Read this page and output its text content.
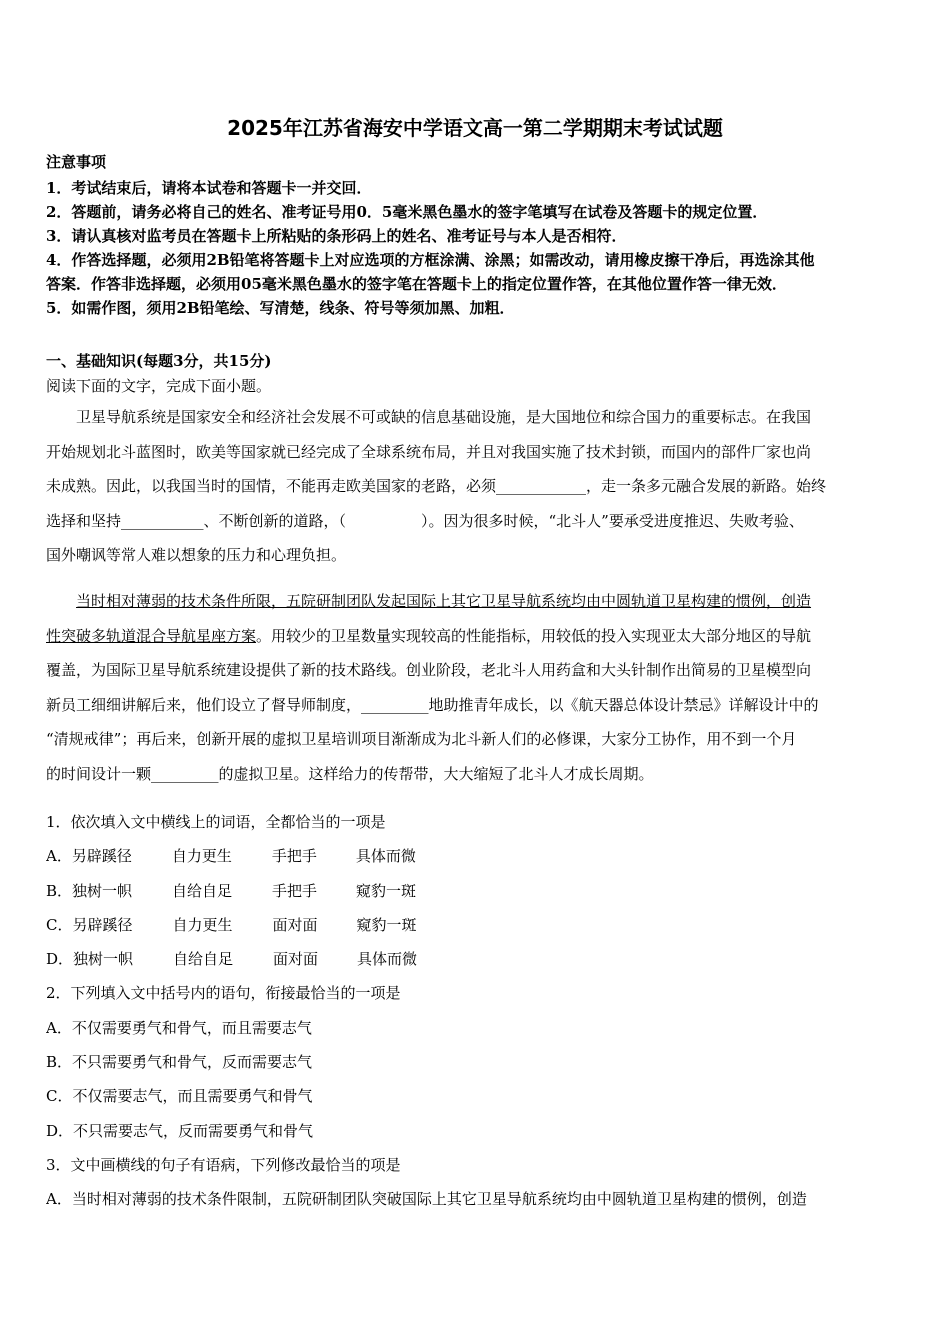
2025年江苏省海安中学语文高一第二学期期末考试试题
注意事项
1．考试结束后，请将本试卷和答题卡一并交回．
2．答题前，请务必将自己的姓名、准考证号用0．5毫米黑色墨水的签字笔填写在试卷及答题卡的规定位置．
3．请认真核对监考员在答题卡上所粘贴的条形码上的姓名、准考证号与本人是否相符．
4．作答选择题，必须用2B铅笔将答题卡上对应选项的方框涂满、涂黑；如需改动，请用橡皮擦干净后，再选涂其他
答案．作答非选择题，必须用05毫米黑色墨水的签字笔在答题卡上的指定位置作答，在其他位置作答一律无效．
5．如需作图，须用2B铅笔绘、写清楚，线条、符号等须加黑、加粗．
一、基础知识(每题3分，共15分)
阅读下面的文字，完成下面小题。
　　卫星导航系统是国家安全和经济社会发展不可或缺的信息基础设施，是大国地位和综合国力的重要标志。在我国
开始规划北斗蓝图时，欧美等国家就已经完成了全球系统布局，并且对我国实施了技术封锁，而国内的部件厂家也尚
未成熟。因此，以我国当时的国情，不能再走欧美国家的老路，必须____________，走一条多元融合发展的新路。始终
选择和坚持___________、不断创新的道路，（　　　　　）。因为很多时候，“北斗人”要承受进度推迟、失败考验、
国外嘲讽等常人难以想象的压力和心理负担。
　　当时相对薄弱的技术条件所限，五院研制团队发起国际上其它卫星导航系统均由中圆轨道卫星构建的惯例，创造
性突破多轨道混合导航星座方案。用较少的卫星数量实现较高的性能指标，用较低的投入实现亚太大部分地区的导航
覆盖，为国际卫星导航系统建设提供了新的技术路线。创业阶段，老北斗人用药盒和大头针制作出简易的卫星模型向
新员工细细讲解后来，他们设立了督导师制度，_________地助推青年成长，以《航天器总体设计禁忌》详解设计中的
“清规戒律”；再后来，创新开展的虚拟卫星培训项目渐渐成为北斗新人们的必修课，大家分工协作，用不到一个月
的时间设计一颗_________的虚拟卫星。这样给力的传帮带，大大缩短了北斗人才成长周期。
1．依次填入文中横线上的词语，全都恰当的一项是
A．另辟蹊径	自力更生	手把手	具体而微
B．独树一帜	自给自足	手把手	窥豹一斑
C．另辟蹊径	自力更生	面对面	窥豹一斑
D．独树一帜	自给自足	面对面	具体而微
2．下列填入文中括号内的语句，衔接最恰当的一项是
A．不仅需要勇气和骨气，而且需要志气
B．不只需要勇气和骨气，反而需要志气
C．不仅需要志气，而且需要勇气和骨气
D．不只需要志气，反而需要勇气和骨气
3．文中画横线的句子有语病，下列修改最恰当的项是
A．当时相对薄弱的技术条件限制，五院研制团队突破国际上其它卫星导航系统均由中圆轨道卫星构建的惯例，创造
